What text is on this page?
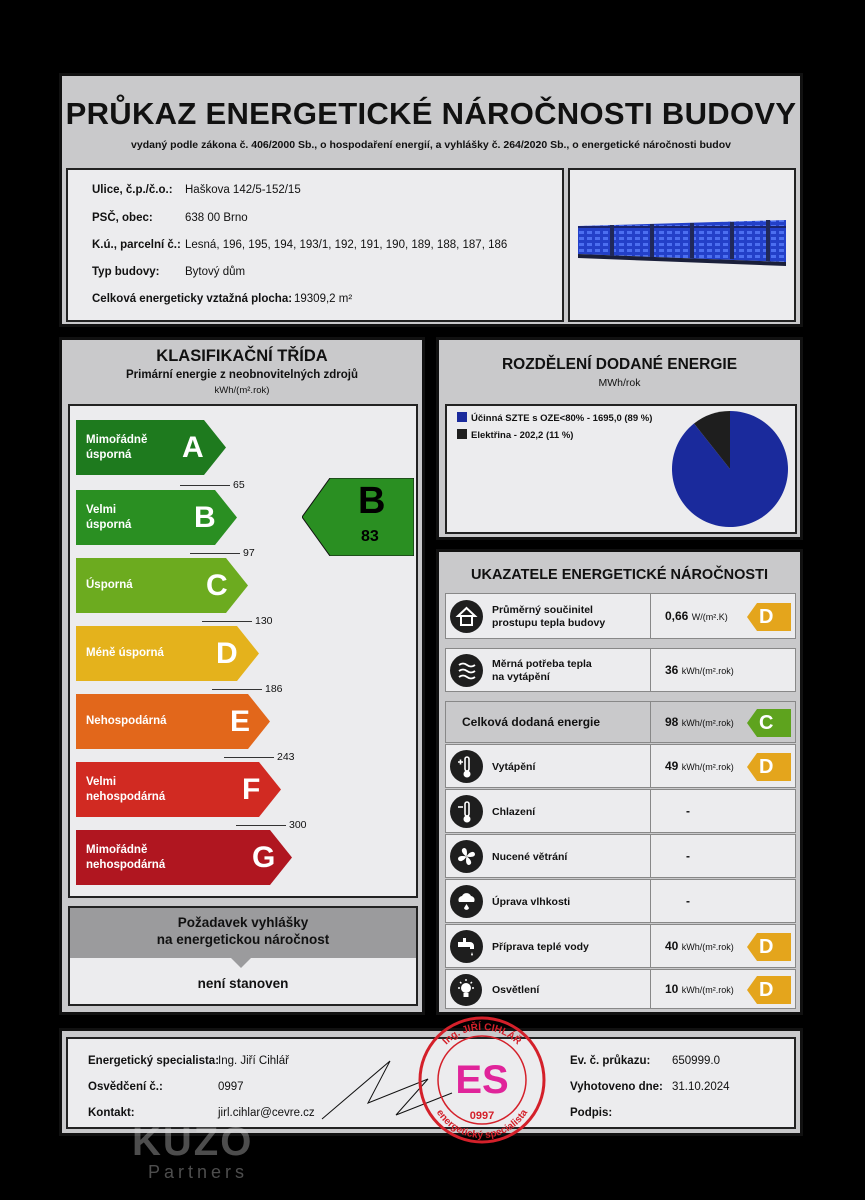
PRŮKAZ ENERGETICKÉ NÁROČNOSTI BUDOVY
vydaný podle zákona č. 406/2000 Sb., o hospodaření energií, a vyhlášky č. 264/2020 Sb., o energetické náročnosti budov
Ulice, č.p./č.o.: Haškova 142/5-152/15
PSČ, obec:	638 00 Brno
K.ú., parcelní č.: Lesná, 196, 195, 194, 193/1, 192, 191, 190, 189, 188, 187, 186
Typ budovy: Bytový dům
Celková energeticky vztažná plocha: 19309,2 m²
KLASIFIKAČNÍ TŘÍDA
Primární energie z neobnovitelných zdrojů
kWh/(m².rok)
Mimořádně
úsporná	A
65
Velmi
úsporná B
97
Úsporná C
130
Méně úsporná D
186
Nehospodárná E
243
Velmi
nehospodárná	F
300
Mimořádně
nehospodárná	G
B
83
Požadavek vyhlášky
na energetickou náročnost
není stanoven
ROZDĚLENÍ DODANÉ ENERGIE
MWh/rok
Účinná SZTE s OZE<80% - 1695,0 (89 %)
Elektřina - 202,2 (11 %)
UKAZATELE ENERGETICKÉ NÁROČNOSTI
Průměrný součinitel
prostupu tepla budovy	0,66 W/(m².K) D
Měrná potřeba tepla
na vytápění	36 kWh/(m².rok)
Celková dodaná energie	98 kWh/(m².rok) C
Vytápění	49 kWh/(m².rok) D
Chlazení	-
Nucené větrání	-
Úprava vlhkosti	-
Příprava teplé vody	40 kWh/(m².rok) D
Osvětlení	10 kWh/(m².rok) D
Energetický specialista:
Ing. Jiří Cihlář
Osvědčení č.:	0997
Kontakt:	jirl.cihlar@cevre.cz
Ev. č. průkazu: 650999.0
Vyhotoveno dne: 31.10.2024
Podpis:
Ing. JIŘÍ CIHLÁŘ
energetický specialista
ES
0997
KUZO
Partners
